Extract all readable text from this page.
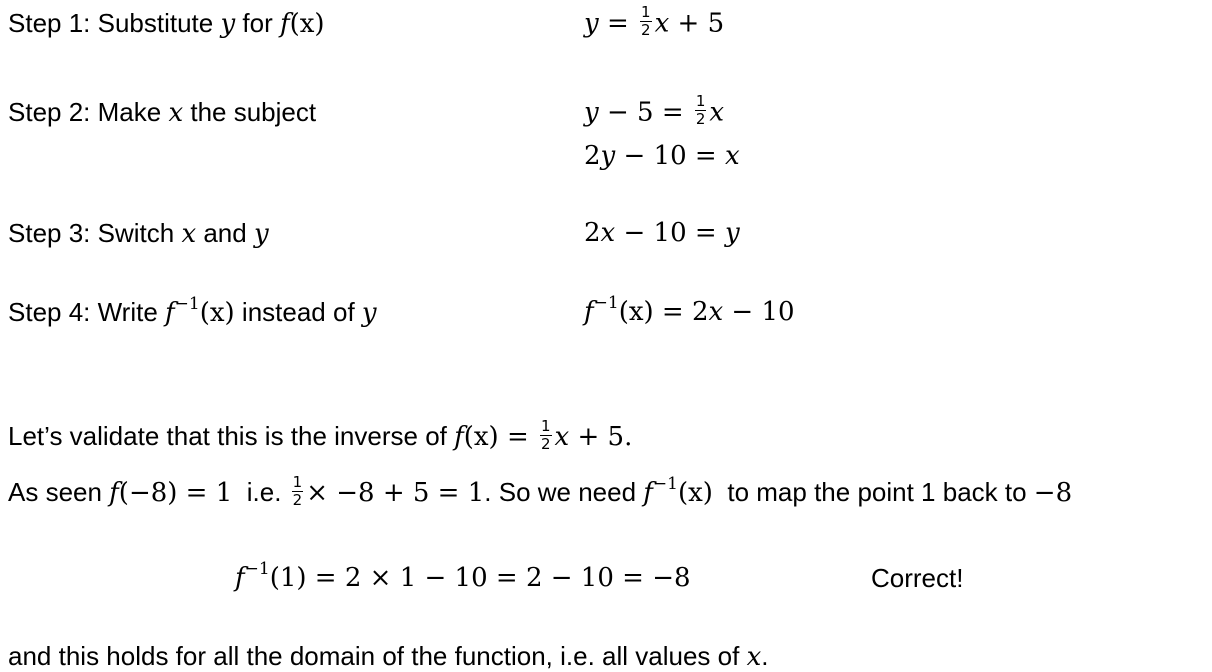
Step 1: Substitute y for f(x)	$y = \frac{1}{2}$ x + 5
Step 2: Make x the subject	$y - 5 = \frac{1}{2}$ x
2y − 10 = x
Step 3: Switch x and y	2x − 10 = y
Step 4: Write $f^{-1}(x)$ instead of y	$f^{-1}(x) = 2x - 10$
Let’s validate that this is the inverse of $f(x) = \frac{1}{2}$ x + 5.
As seen f(−8) = 1  i.e. $\frac{1}{2} \times -8 + 5 = 1$. So we need $f^{-1}(x)$  to map the point 1 back to −8
$f^{-1}(1) = 2 \times 1 - 10 = 2 - 10 = -8$	Correct!
and this holds for all the domain of the function, i.e. all values of x.
